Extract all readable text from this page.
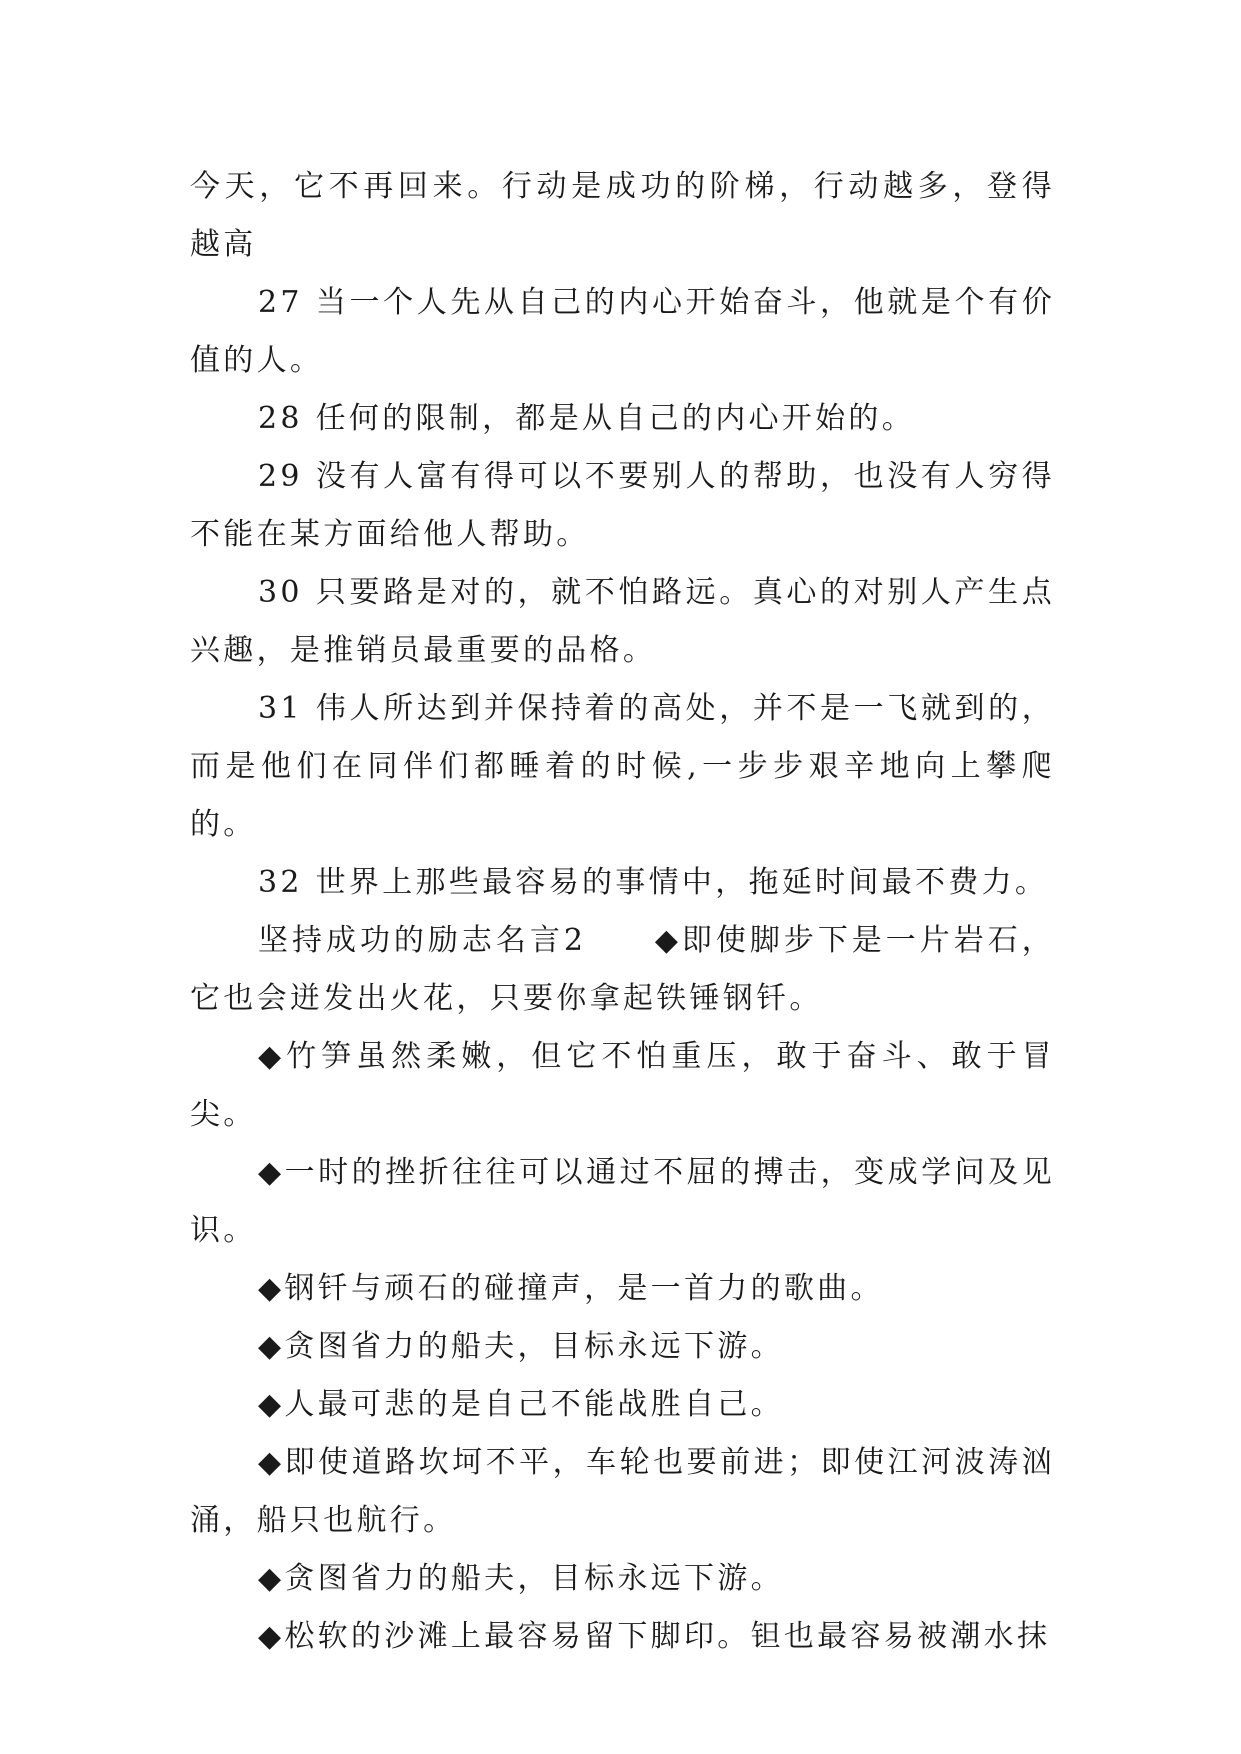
今天，它不再回来。行动是成功的阶梯，行动越多，登得越高

27 当一个人先从自己的内心开始奋斗，他就是个有价值的人。

28 任何的限制，都是从自己的内心开始的。

29 没有人富有得可以不要别人的帮助，也没有人穷得不能在某方面给他人帮助。

30 只要路是对的，就不怕路远。真心的对别人产生点兴趣，是推销员最重要的品格。

31 伟人所达到并保持着的高处，并不是一飞就到的，而是他们在同伴们都睡着的时候,一步步艰辛地向上攀爬的。

32 世界上那些最容易的事情中，拖延时间最不费力。

坚持成功的励志名言2　　◆即使脚步下是一片岩石，它也会迸发出火花，只要你拿起铁锤钢钎。

◆竹笋虽然柔嫩，但它不怕重压，敢于奋斗、敢于冒尖。

◆一时的挫折往往可以通过不屈的搏击，变成学问及见识。

◆钢钎与顽石的碰撞声，是一首力的歌曲。

◆贪图省力的船夫，目标永远下游。

◆人最可悲的是自己不能战胜自己。

◆即使道路坎坷不平，车轮也要前进；即使江河波涛汹涌，船只也航行。

◆贪图省力的船夫，目标永远下游。

◆松软的沙滩上最容易留下脚印。钽也最容易被潮水抹
